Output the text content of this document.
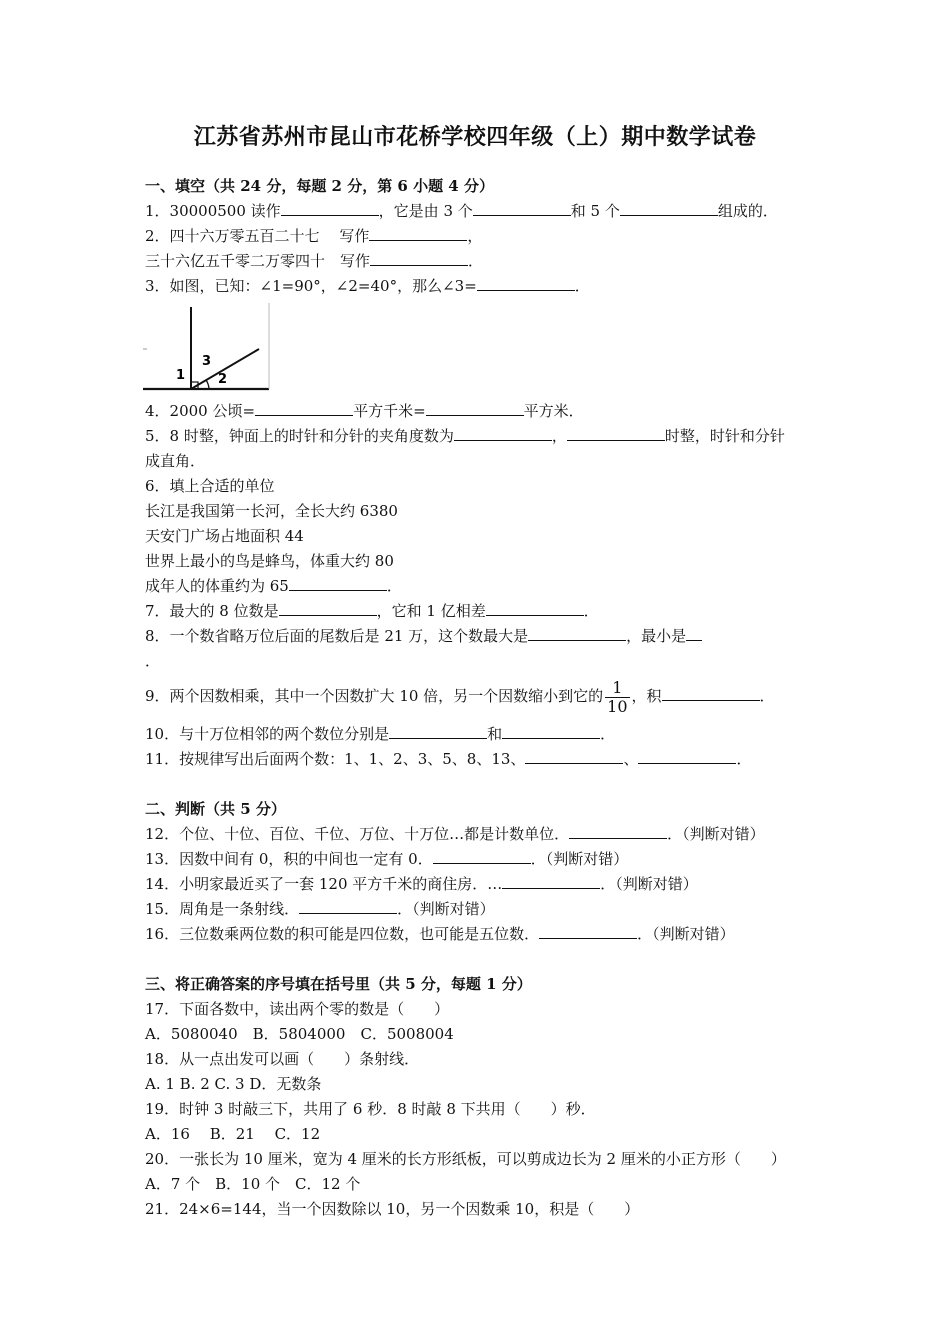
江苏省苏州市昆山市花桥学校四年级（上）期中数学试卷
一、填空（共 24 分，每题 2 分，第 6 小题 4 分）
1．30000500 读作	，它是由 3 个	和 5 个	组成的．
2．四十六万零五百二十七　 写作	，
三十六亿五千零二万零四十　写作	．
3．如图，已知：∠1=90°，∠2=40°，那么∠3=	．
1
3
2
4．2000 公顷=	平方千米=	平方米．
5．8 时整，钟面上的时针和分针的夹角度数为	，	时整，时针和分针
成直角．
6．填上合适的单位
长江是我国第一长河，全长大约 6380
天安门广场占地面积 44
世界上最小的鸟是蜂鸟，体重大约 80
成年人的体重约为 65	．
7．最大的 8 位数是	，它和 1 亿相差	．
8．一个数省略万位后面的尾数后是 21 万，这个数最大是	，最小是
．
9．两个因数相乘，其中一个因数扩大 10 倍，另一个因数缩小到它的 $\frac{1}{10}$ ，积	．
10．与十万位相邻的两个数位分别是	和	．
11．按规律写出后面两个数：1、1、2、3、5、8、13、	、	．
二、判断（共 5 分）
12．个位、十位、百位、千位、万位、十万位…都是计数单位．	．（判断对错）
13．因数中间有 0，积的中间也一定有 0．	．（判断对错）
14．小明家最近买了一套 120 平方千米的商住房．…	．（判断对错）
15．周角是一条射线．	．（判断对错）
16．三位数乘两位数的积可能是四位数，也可能是五位数．	．（判断对错）
三、将正确答案的序号填在括号里（共 5 分，每题 1 分）
17．下面各数中，读出两个零的数是（　　）
A．5080040　B．5804000　C．5008004
18．从一点出发可以画（　　）条射线．
A. 1 B. 2 C. 3 D．无数条
19．时钟 3 时敲三下，共用了 6 秒．8 时敲 8 下共用（　　）秒．
A．16　 B．21　 C．12
20．一张长为 10 厘米，宽为 4 厘米的长方形纸板，可以剪成边长为 2 厘米的小正方形（　　）
A．7 个　B．10 个　C．12 个
21．24×6=144，当一个因数除以 10，另一个因数乘 10，积是（　　）
